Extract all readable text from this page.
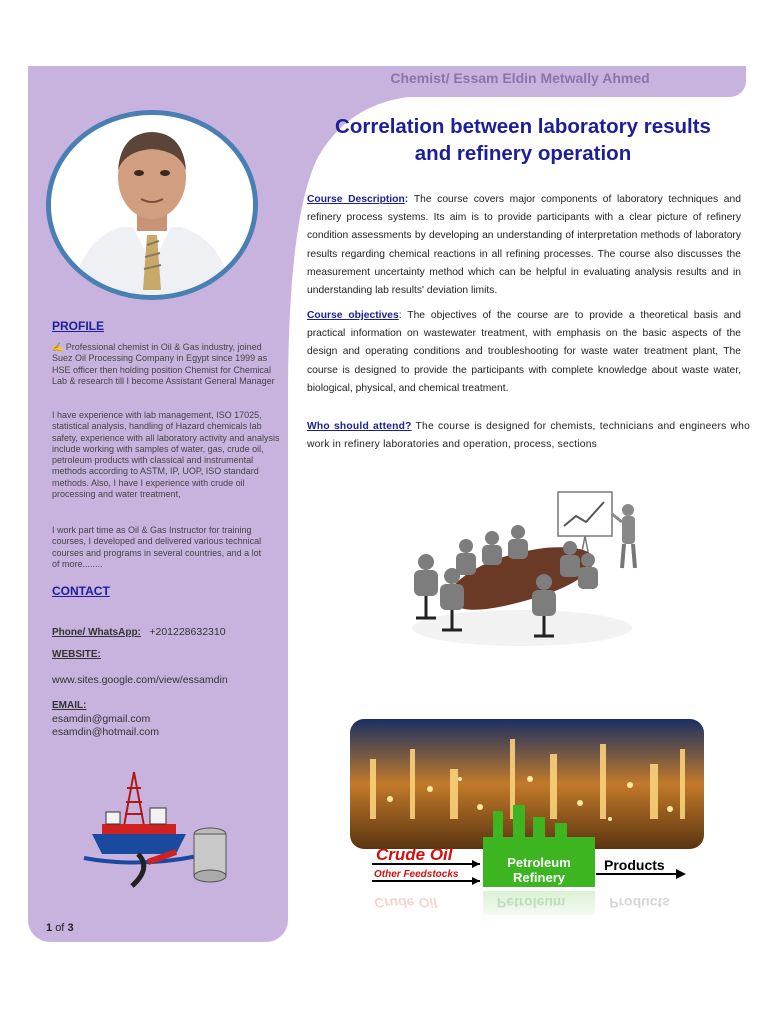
Chemist/ Essam Eldin Metwally Ahmed
PROFILE
✍ Professional chemist in Oil & Gas industry, joined Suez Oil Processing Company in Egypt since 1999 as HSE officer then holding position Chemist for Chemical Lab & research till I become Assistant General Manager
I have experience with lab management, ISO 17025, statistical analysis, handling of Hazard chemicals lab safety, experience with all laboratory activity and analysis include working with samples of water, gas, crude oil, petroleum products with classical and instrumental methods according to ASTM, IP, UOP, ISO standard methods. Also, I have I experience with crude oil processing and water treatment,
I work part time as Oil & Gas Instructor for training courses, I developed and delivered various technical courses and programs in several countries, and a lot of more........
CONTACT
Phone/ WhatsApp: +201228632310
WEBSITE:
www.sites.google.com/view/essamdin
EMAIL:
esamdin@gmail.com
esamdin@hotmail.com
1 of 3
Correlation between laboratory results and refinery operation
Course Description: The course covers major components of laboratory techniques and refinery process systems. Its aim is to provide participants with a clear picture of refinery condition assessments by developing an understanding of interpretation methods of laboratory results regarding chemical reactions in all refining processes. The course also discusses the measurement uncertainty method which can be helpful in evaluating analysis results and in understanding lab results' deviation limits.
Course objectives: The objectives of the course are to provide a theoretical basis and practical information on wastewater treatment, with emphasis on the basic aspects of the design and operating conditions and troubleshooting for waste water treatment plant, The course is designed to provide the participants with complete knowledge about waste water, biological, physical, and chemical treatment.
Who should attend? The course is designed for chemists, technicians and engineers who work in refinery laboratories and operation, process, sections
Crude Oil
Other Feedstocks
Petroleum
Refinery
Products
Crude Oil	Petroleum	Products
